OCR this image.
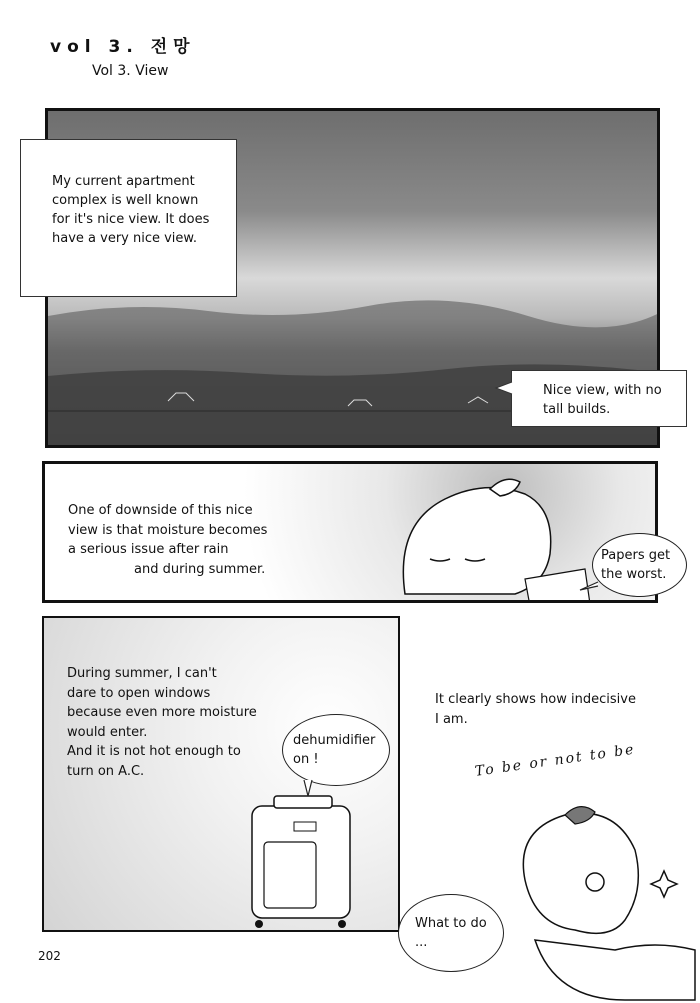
vol 3. 전망
Vol 3. View
My current apartment complex is well known for it's nice view. It does have a very nice view.
Nice view, with no tall builds.
One of downside of this nice
view is that moisture becomes
a serious issue after rain
and during summer.
Papers get the worst.
During summer, I can't
dare to open windows
because even more moisture
would enter.
And it is not hot enough to
turn on A.C.
dehumidifier on !
It clearly shows how indecisive
I am.
To be or not to be
What to do ...
202
